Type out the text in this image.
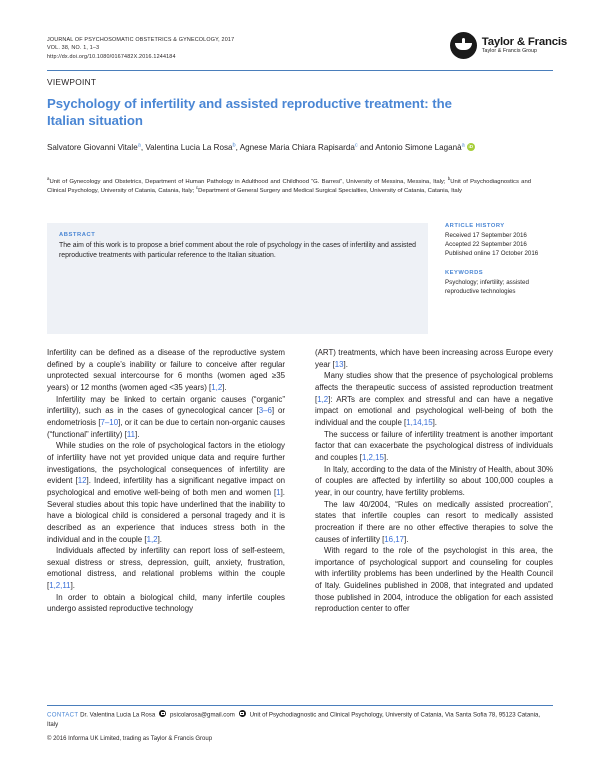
JOURNAL OF PSYCHOSOMATIC OBSTETRICS & GYNECOLOGY, 2017
VOL. 38, NO. 1, 1–3
http://dx.doi.org/10.1080/0167482X.2016.1244184
Taylor & Francis
Taylor & Francis Group
VIEWPOINT
Psychology of infertility and assisted reproductive treatment: the Italian situation
Salvatore Giovanni Vitale$^a$, Valentina Lucia La Rosa$^b$, Agnese Maria Chiara Rapisarda$^c$ and Antonio Simone Laganà$^a$iD
$^a$Unit of Gynecology and Obstetrics, Department of Human Pathology in Adulthood and Childhood “G. Barresi”, University of Messina, Messina, Italy; $^b$Unit of Psychodiagnostics and Clinical Psychology, University of Catania, Catania, Italy; $^c$Department of General Surgery and Medical Surgical Specialties, University of Catania, Catania, Italy
ABSTRACT
The aim of this work is to propose a brief comment about the role of psychology in the cases of infertility and assisted reproductive treatments with particular reference to the Italian situation.
ARTICLE HISTORY
Received 17 September 2016
Accepted 22 September 2016
Published online 17 October 2016
KEYWORDS
Psychology; infertility; assisted reproductive technologies

Infertility can be defined as a disease of the reproductive system defined by a couple’s inability or failure to conceive after regular unprotected sexual intercourse for 6 months (women aged ≥35 years) or 12 months (women aged <35 years) [1,2].

Infertility may be linked to certain organic causes (“organic” infertility), such as in the cases of gynecological cancer [3–6] or endometriosis [7–10], or it can be due to certain non-organic causes (“functional” infertility) [11].

While studies on the role of psychological factors in the etiology of infertility have not yet provided unique data and require further investigations, the psychological consequences of infertility are evident [12]. Indeed, infertility has a significant negative impact on psychological and emotive well-being of both men and women [1]. Several studies about this topic have underlined that the inability to have a biological child is considered a personal tragedy and it is described as an experience that induces stress both in the individual and in the couple [1,2].

Individuals affected by infertility can report loss of self-esteem, sexual distress or stress, depression, guilt, anxiety, frustration, emotional distress, and relational problems within the couple [1,2,11].

In order to obtain a biological child, many infertile couples undergo assisted reproductive technology

(ART) treatments, which have been increasing across Europe every year [13].

Many studies show that the presence of psychological problems affects the therapeutic success of assisted reproduction treatment [1,2]: ARTs are complex and stressful and can have a negative impact on emotional and psychological well-being of both the individual and the couple [1,14,15].

The success or failure of infertility treatment is another important factor that can exacerbate the psychological distress of individuals and couples [1,2,15].

In Italy, according to the data of the Ministry of Health, about 30% of couples are affected by infertility so about 100,000 couples a year, in our country, have fertility problems.

The law 40/2004, “Rules on medically assisted procreation”, states that infertile couples can resort to medically assisted procreation if there are no other effective therapies to solve the causes of infertility [16,17].

With regard to the role of the psychologist in this area, the importance of psychological support and counseling for couples with infertility problems has been underlined by the Health Council of Italy. Guidelines published in 2008, that integrated and updated those published in 2004, introduce the obligation for each assisted reproduction center to offer

CONTACT Dr. Valentina Lucia La Rosa psicolarosa@gmail.com Unit of Psychodiagnostic and Clinical Psychology, University of Catania, Via Santa Sofia 78, 95123 Catania, Italy
© 2016 Informa UK Limited, trading as Taylor & Francis Group
